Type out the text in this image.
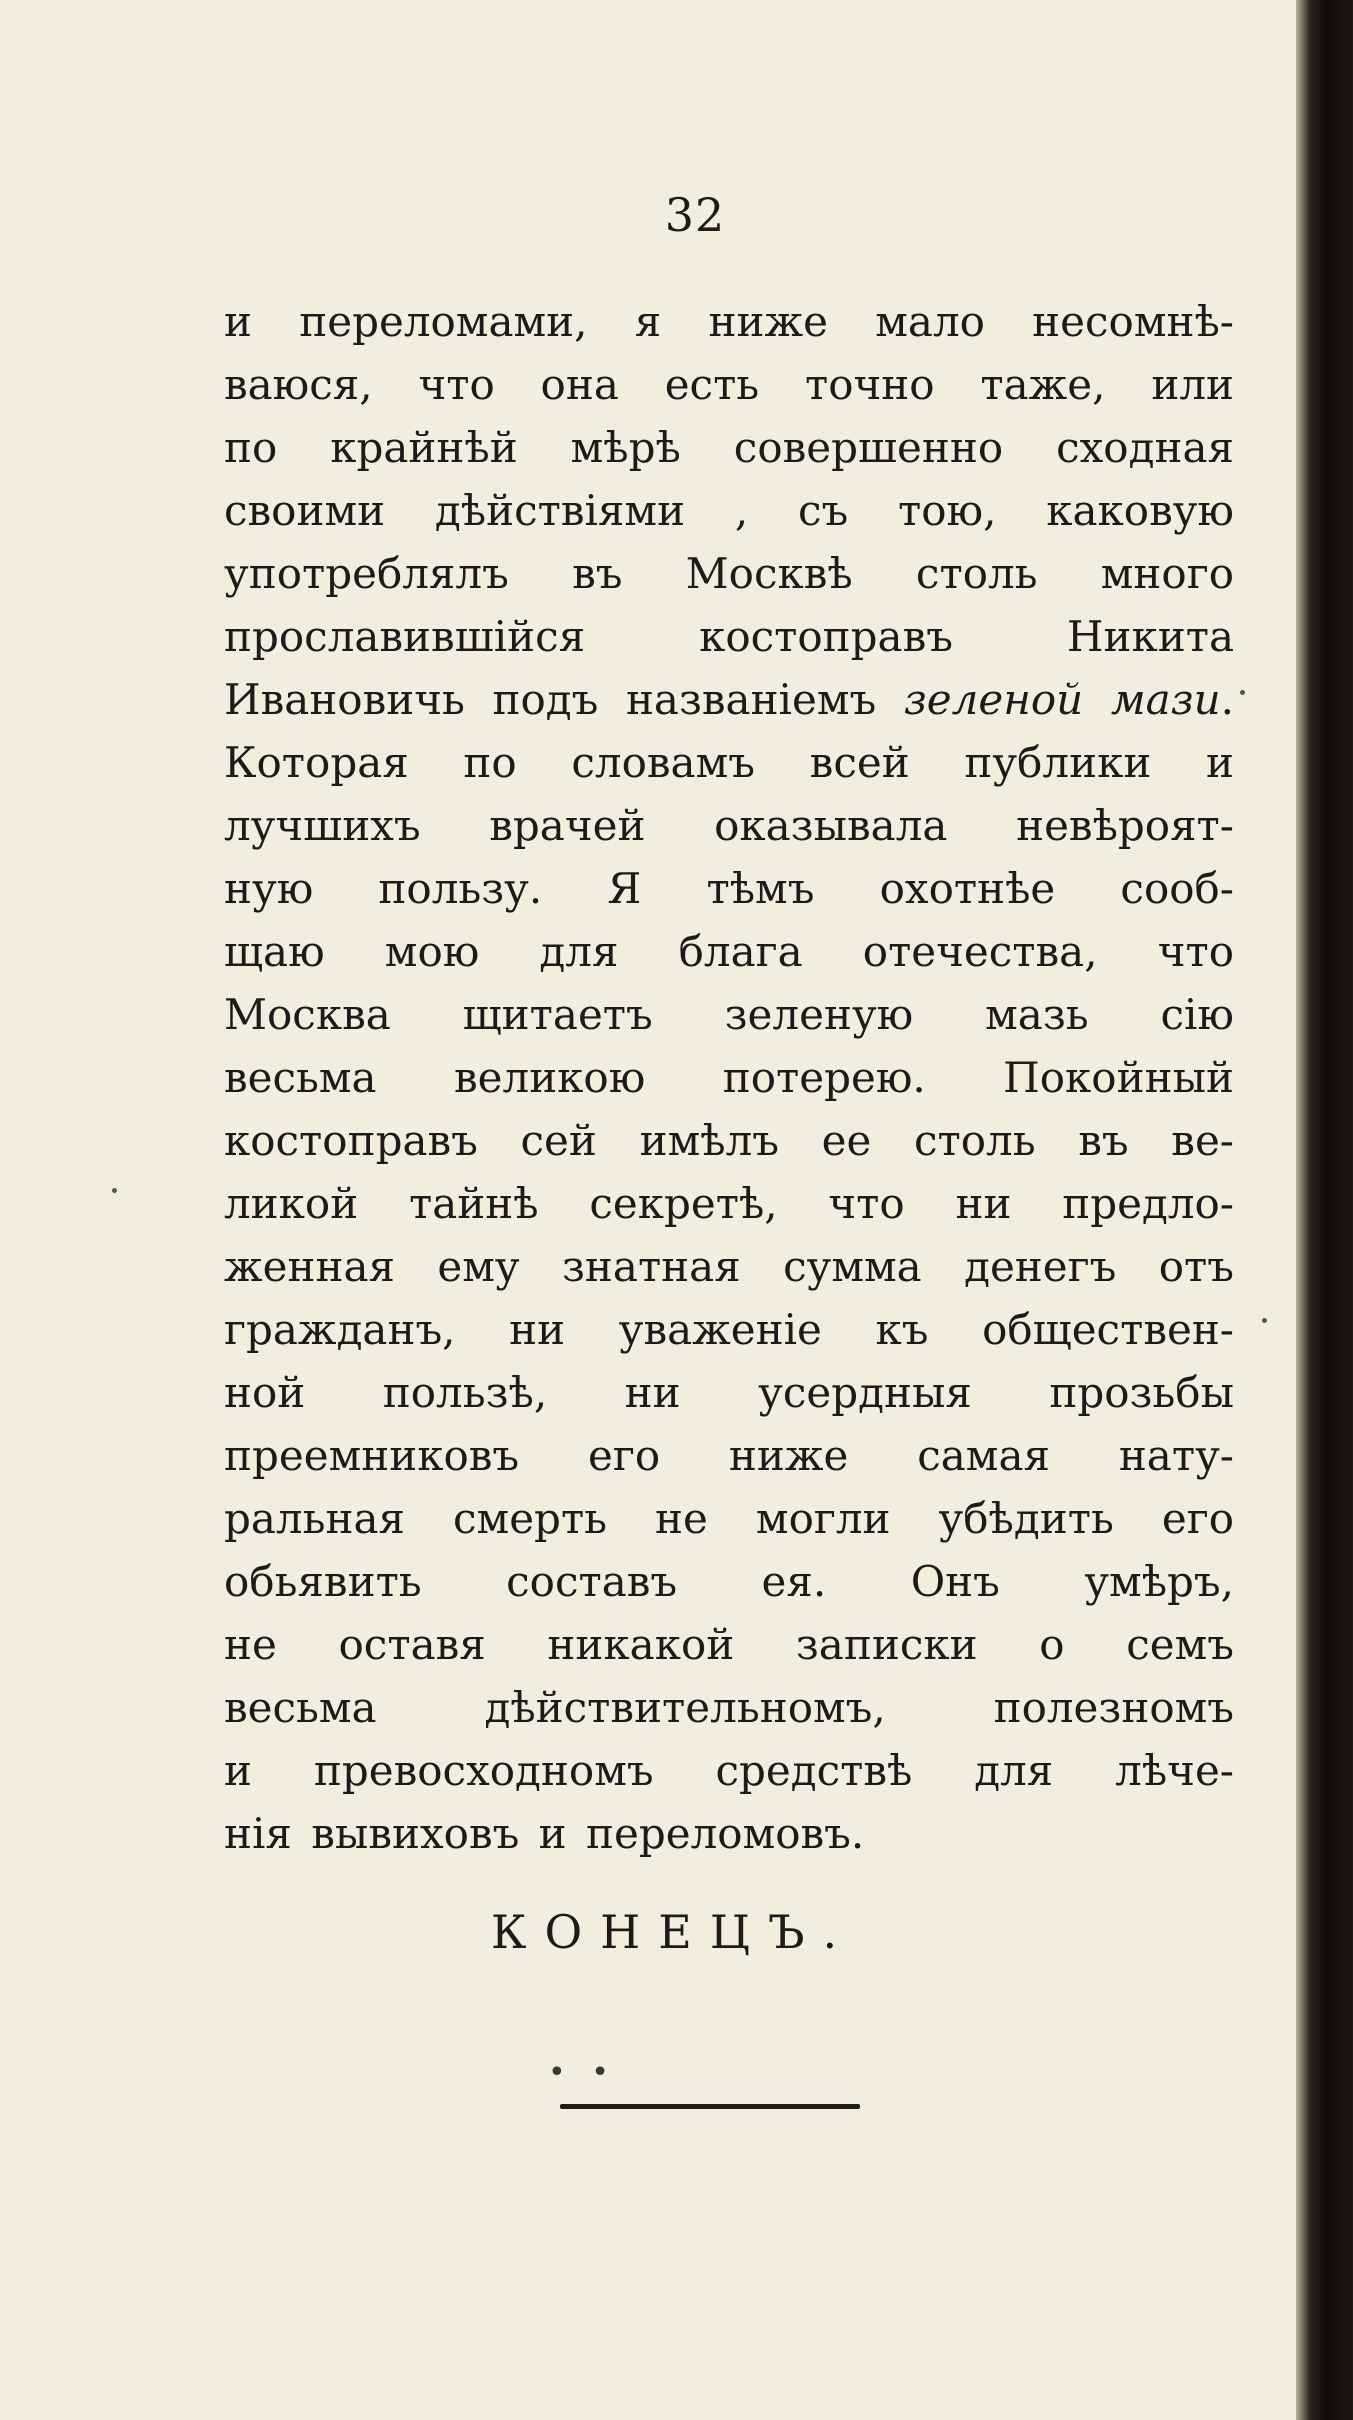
32
и переломами, я ниже мало несомнѣ-
ваюся, что она есть точно таже, или
по крайнѣй мѣрѣ совершенно сходная
своими дѣйствіями , съ тою, каковую
употреблялъ въ Москвѣ столь много
прославившійся костоправъ Никита
Ивановичь подъ названіемъ зеленой мази.
Которая по словамъ всей публики и
лучшихъ врачей оказывала невѣроят-
ную пользу. Я тѣмъ охотнѣе сооб-
щаю мою для блага отечества, что
Москва щитаетъ зеленую мазь сію
весьма великою потерею. Покойный
костоправъ сей имѣлъ ее столь въ ве-
ликой тайнѣ секретѣ, что ни предло-
женная ему знатная сумма денегъ отъ
гражданъ, ни уваженіе къ обществен-
ной пользѣ, ни усердныя прозьбы
преемниковъ его ниже самая нату-
ральная смерть не могли убѣдить его
обьявить составъ ея. Онъ умѣръ,
не оставя никакой записки о семъ
весьма дѣйствительномъ, полезномъ
и превосходномъ средствѣ для лѣче-
нія вывиховъ и переломовъ.
КОНЕЦЪ.
• •
